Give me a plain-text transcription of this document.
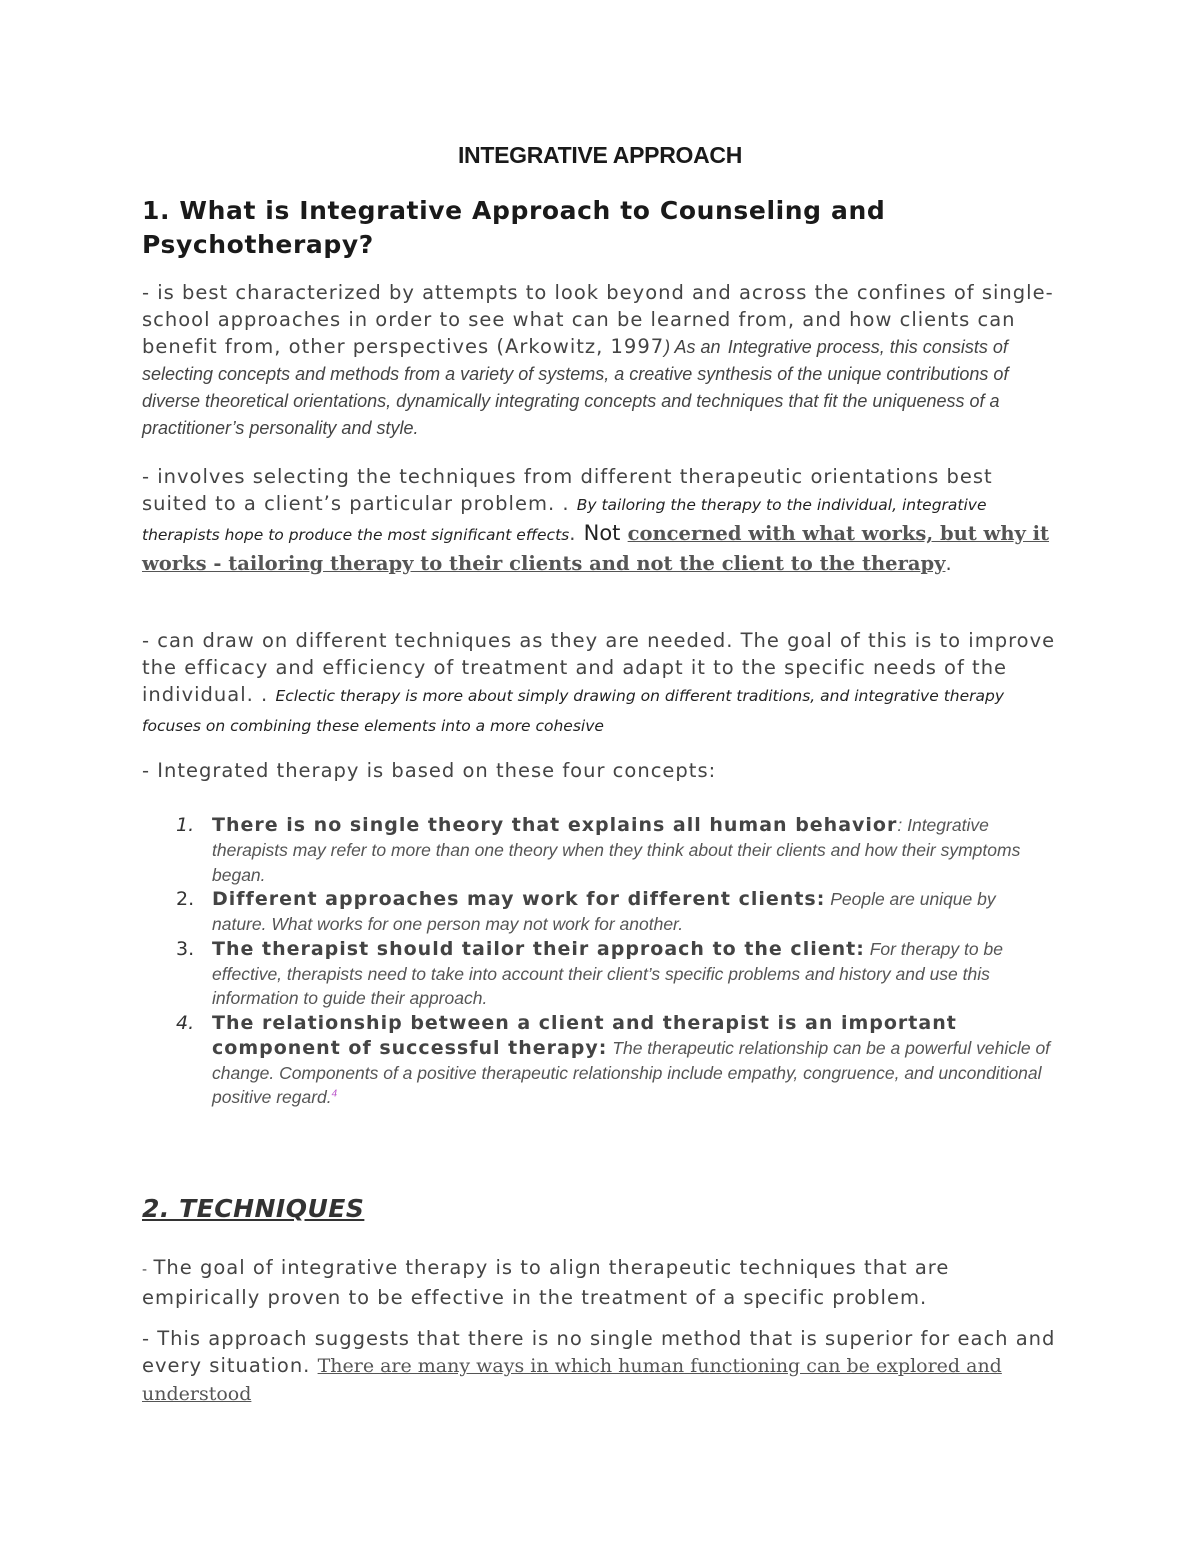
INTEGRATIVE APPROACH
1. What is Integrative Approach to Counseling and Psychotherapy?

- is best characterized by attempts to look beyond and across the confines of single-school approaches in order to see what can be learned from, and how clients can benefit from, other perspectives (Arkowitz, 1997) As an Integrative process, this consists of selecting concepts and methods from a variety of systems, a creative synthesis of the unique contributions of diverse theoretical orientations, dynamically integrating concepts and techniques that fit the uniqueness of a practitioner’s personality and style.

- involves selecting the techniques from different therapeutic orientations best suited to a client’s particular problem. . By tailoring the therapy to the individual, integrative therapists hope to produce the most significant effects. Not concerned with what works, but why it works - tailoring therapy to their clients and not the client to the therapy.

- can draw on different techniques as they are needed. The goal of this is to improve the efficacy and efficiency of treatment and adapt it to the specific needs of the individual. . Eclectic therapy is more about simply drawing on different traditions, and integrative therapy focuses on combining these elements into a more cohesive

- Integrated therapy is based on these four concepts:

1. There is no single theory that explains all human behavior: Integrative therapists may refer to more than one theory when they think about their clients and how their symptoms began.
2. Different approaches may work for different clients: People are unique by nature. What works for one person may not work for another.
3. The therapist should tailor their approach to the client: For therapy to be effective, therapists need to take into account their client’s specific problems and history and use this information to guide their approach.
4. The relationship between a client and therapist is an important component of successful therapy: The therapeutic relationship can be a powerful vehicle of change. Components of a positive therapeutic relationship include empathy, congruence, and unconditional positive regard.$^4$
2. TECHNIQUES

- The goal of integrative therapy is to align therapeutic techniques that are empirically proven to be effective in the treatment of a specific problem.

- This approach suggests that there is no single method that is superior for each and every situation. There are many ways in which human functioning can be explored and understood
